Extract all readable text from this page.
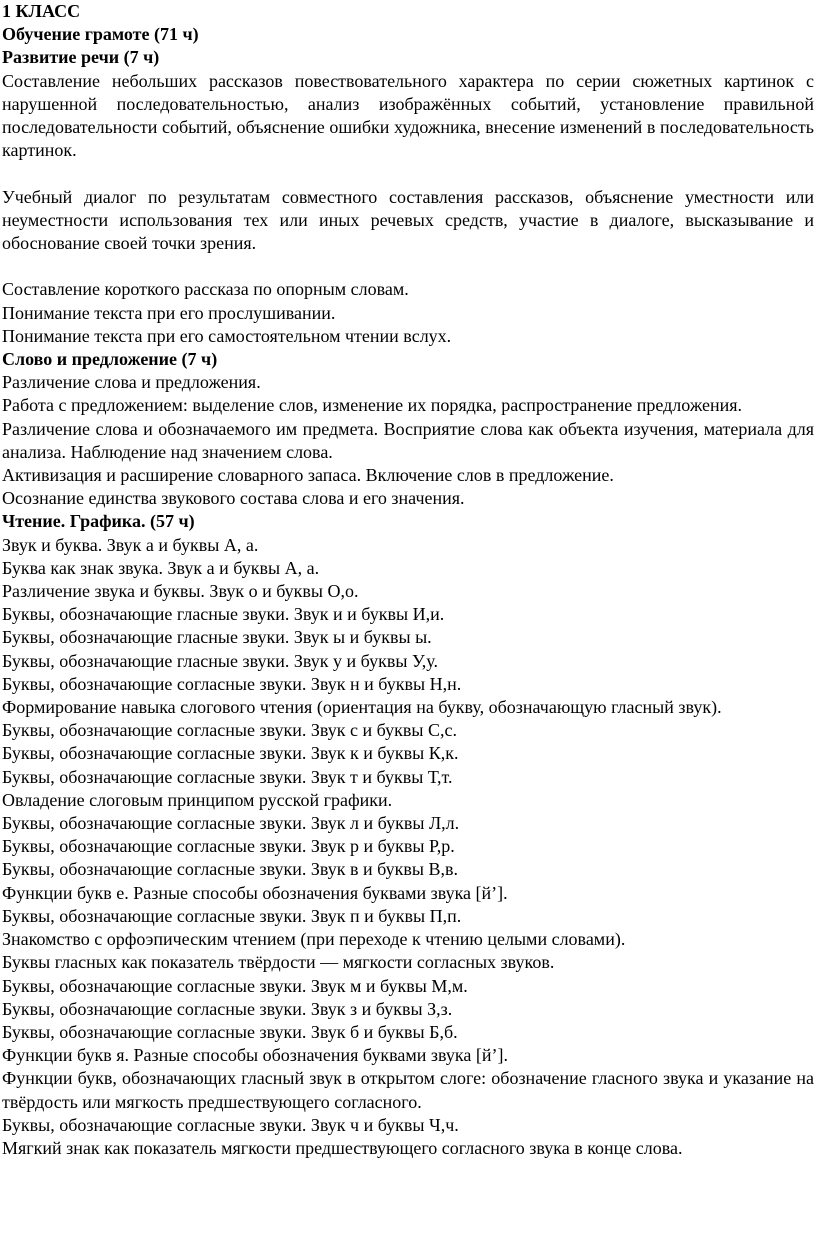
1 КЛАСС

Обучение грамоте (71 ч)

Развитие речи (7 ч)

Составление небольших рассказов повествовательного характера по серии сюжетных картинок с нарушенной последовательностью, анализ изображённых событий, установление правильной последовательности событий, объяснение ошибки художника, внесение изменений в последовательность картинок.

Учебный диалог по результатам совместного составления рассказов, объяснение уместности или неуместности использования тех или иных речевых средств, участие в диалоге, высказывание и обоснование своей точки зрения.

Составление короткого рассказа по опорным словам.

Понимание текста при его прослушивании.

Понимание текста при его самостоятельном чтении вслух.

Слово и предложение (7 ч)

Различение слова и предложения.

Работа с предложением: выделение слов, изменение их порядка, распространение предложения.

Различение слова и обозначаемого им предмета. Восприятие слова как объекта изучения, материала для анализа. Наблюдение над значением слова.

Активизация и расширение словарного запаса. Включение слов в предложение.

Осознание единства звукового состава слова и его значения.

Чтение. Графика. (57 ч)

Звук и буква. Звук а и буквы А, а.

Буква как знак звука. Звук а и буквы А, а.

Различение звука и буквы. Звук о и буквы О,о.

Буквы, обозначающие гласные звуки. Звук и и буквы И,и.

Буквы, обозначающие гласные звуки. Звук ы и буквы ы.

Буквы, обозначающие гласные звуки. Звук у и буквы У,у.

Буквы, обозначающие согласные звуки. Звук н и буквы Н,н.

Формирование навыка слогового чтения (ориентация на букву, обозначающую гласный звук).

Буквы, обозначающие согласные звуки. Звук с и буквы С,с.

Буквы, обозначающие согласные звуки. Звук к и буквы К,к.

Буквы, обозначающие согласные звуки. Звук т и буквы Т,т.

Овладение слоговым принципом русской графики.

Буквы, обозначающие согласные звуки. Звук л и буквы Л,л.

Буквы, обозначающие согласные звуки. Звук р и буквы Р,р.

Буквы, обозначающие согласные звуки. Звук в и буквы В,в.

Функции букв е. Разные способы обозначения буквами звука [й’].

Буквы, обозначающие согласные звуки. Звук п и буквы П,п.

Знакомство с орфоэпическим чтением (при переходе к чтению целыми словами).

Буквы гласных как показатель твёрдости — мягкости согласных звуков.

Буквы, обозначающие согласные звуки. Звук м и буквы М,м.

Буквы, обозначающие согласные звуки. Звук з и буквы З,з.

Буквы, обозначающие согласные звуки. Звук б и буквы Б,б.

Функции букв я. Разные способы обозначения буквами звука [й’].

Функции букв, обозначающих гласный звук в открытом слоге: обозначение гласного звука и указание на твёрдость или мягкость предшествующего согласного.

Буквы, обозначающие согласные звуки. Звук ч и буквы Ч,ч.

Мягкий знак как показатель мягкости предшествующего согласного звука в конце слова.
